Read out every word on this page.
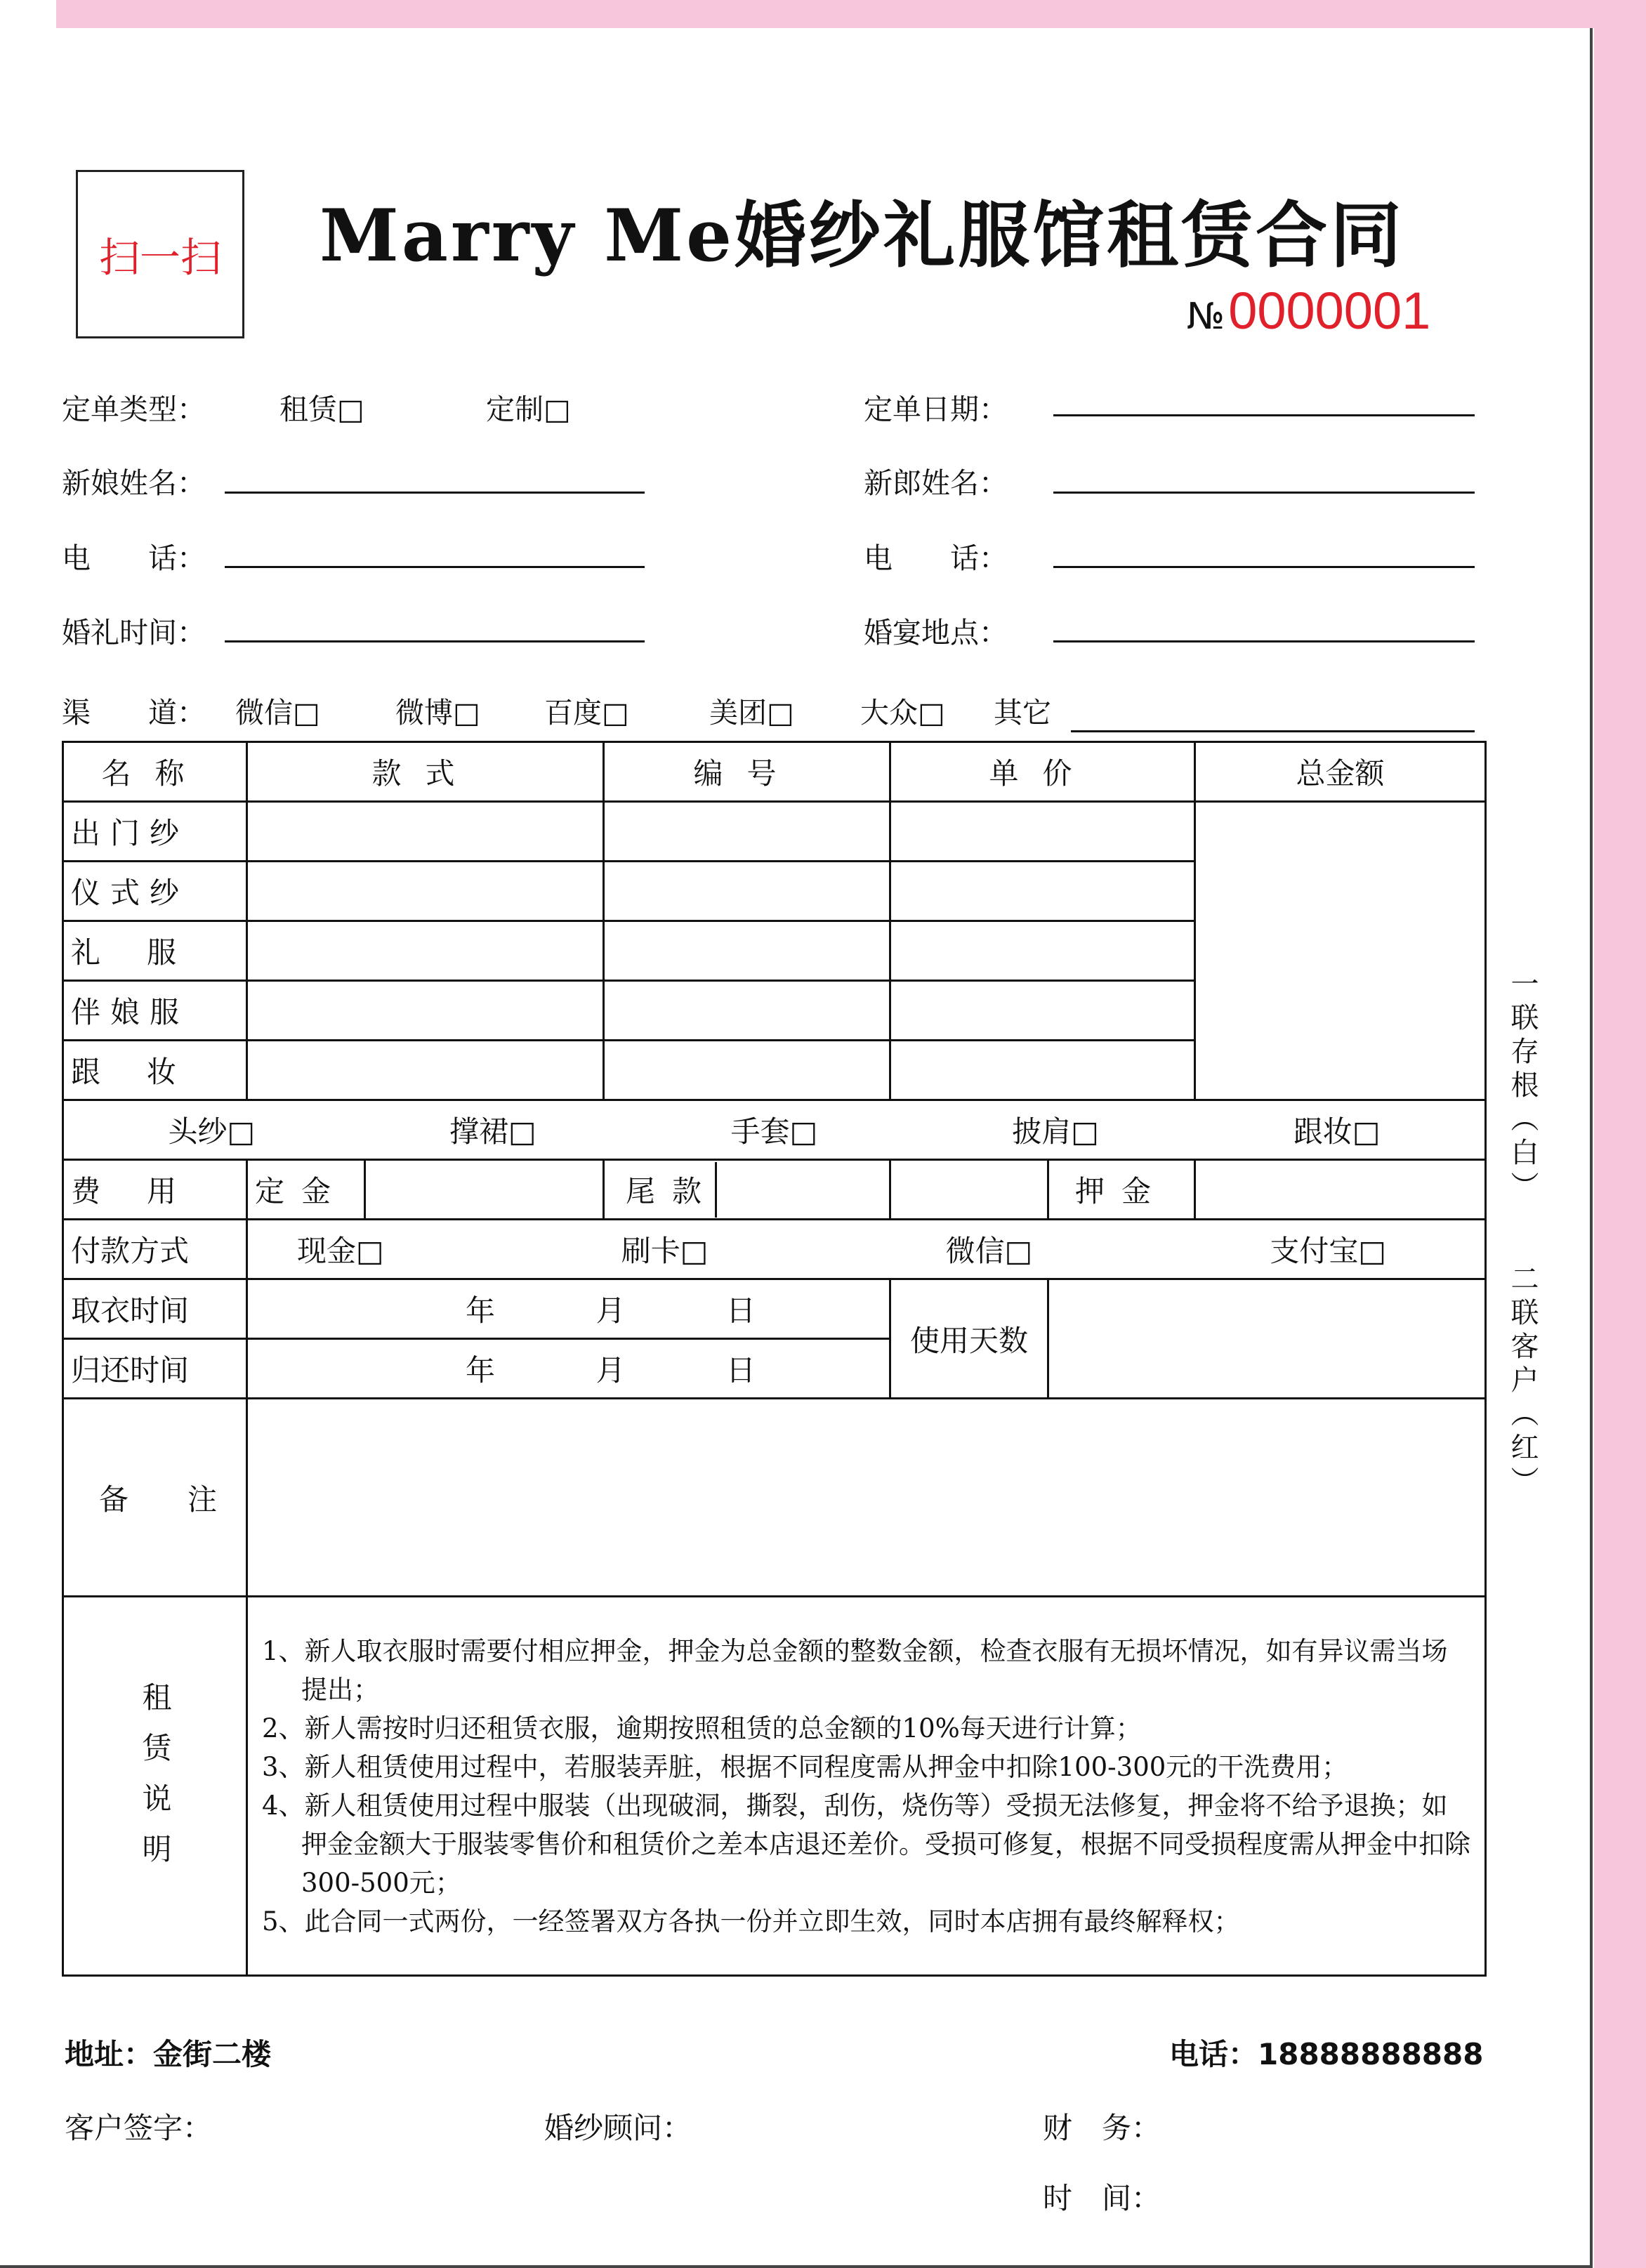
扫一扫 Marry Me婚纱礼服馆租赁合同
№ 0000001
定单类型：	租赁□	定制□	定单日期：
新娘姓名：	新郎姓名：
电　　话：	电　　话：
婚礼时间：	婚宴地点：
渠　　道： 微信□	微博□ 百度□	美团□ 大众□ 其它
名称	款式		编号	单价		总金额
出门纱						
仪式纱						
礼服						
伴娘服						
跟妆						

头纱□ 撑裙□ 手套□ 披肩□ 跟妆□						

费用	定金		尾款		押金	
付款方式	现金□ 刷卡□ 微信□ 支付宝□					

取衣时间	年 月 日			使用天数		
归还时间	年 月 日					

备　　注						
租赁说明	1、新人取衣服时需要付相应押金，押金为总金额的整数金额，检查衣服有无损坏情况，如有异议需当场提出；

2、新人需按时归还租赁衣服，逾期按照租赁的总金额的10%每天进行计算；

3、新人租赁使用过程中，若服装弄脏，根据不同程度需从押金中扣除100-300元的干洗费用；

4、新人租赁使用过程中服装（出现破洞，撕裂，刮伤，烧伤等）受损无法修复，押金将不给予退换；如押金金额大于服装零售价和租赁价之差本店退还差价。受损可修复，根据不同受损程度需从押金中扣除300-500元；

5、此合同一式两份，一经签署双方各执一份并立即生效，同时本店拥有最终解释权；					

一联存根（白）
二联客户（红）
地址：金街二楼	电话：18888888888
客户签字：	婚纱顾问：	财　务：
时　间：
